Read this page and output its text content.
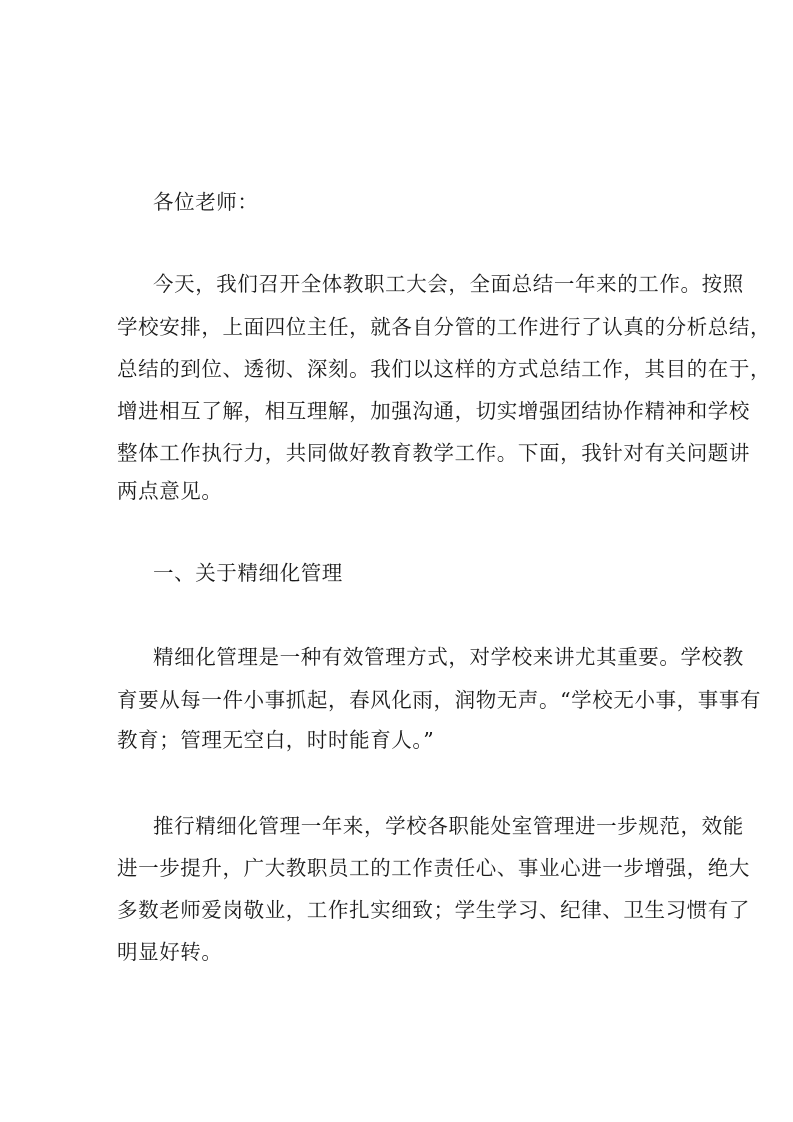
各位老师：
今天，我们召开全体教职工大会，全面总结一年来的工作。按照
学校安排，上面四位主任，就各自分管的工作进行了认真的分析总结，
总结的到位、透彻、深刻。我们以这样的方式总结工作，其目的在于，
增进相互了解，相互理解，加强沟通，切实增强团结协作精神和学校
整体工作执行力，共同做好教育教学工作。下面，我针对有关问题讲
两点意见。
一、关于精细化管理
精细化管理是一种有效管理方式，对学校来讲尤其重要。学校教
育要从每一件小事抓起，春风化雨，润物无声。“学校无小事，事事有
教育；管理无空白，时时能育人。”
推行精细化管理一年来，学校各职能处室管理进一步规范，效能
进一步提升，广大教职员工的工作责任心、事业心进一步增强，绝大
多数老师爱岗敬业，工作扎实细致；学生学习、纪律、卫生习惯有了
明显好转。
